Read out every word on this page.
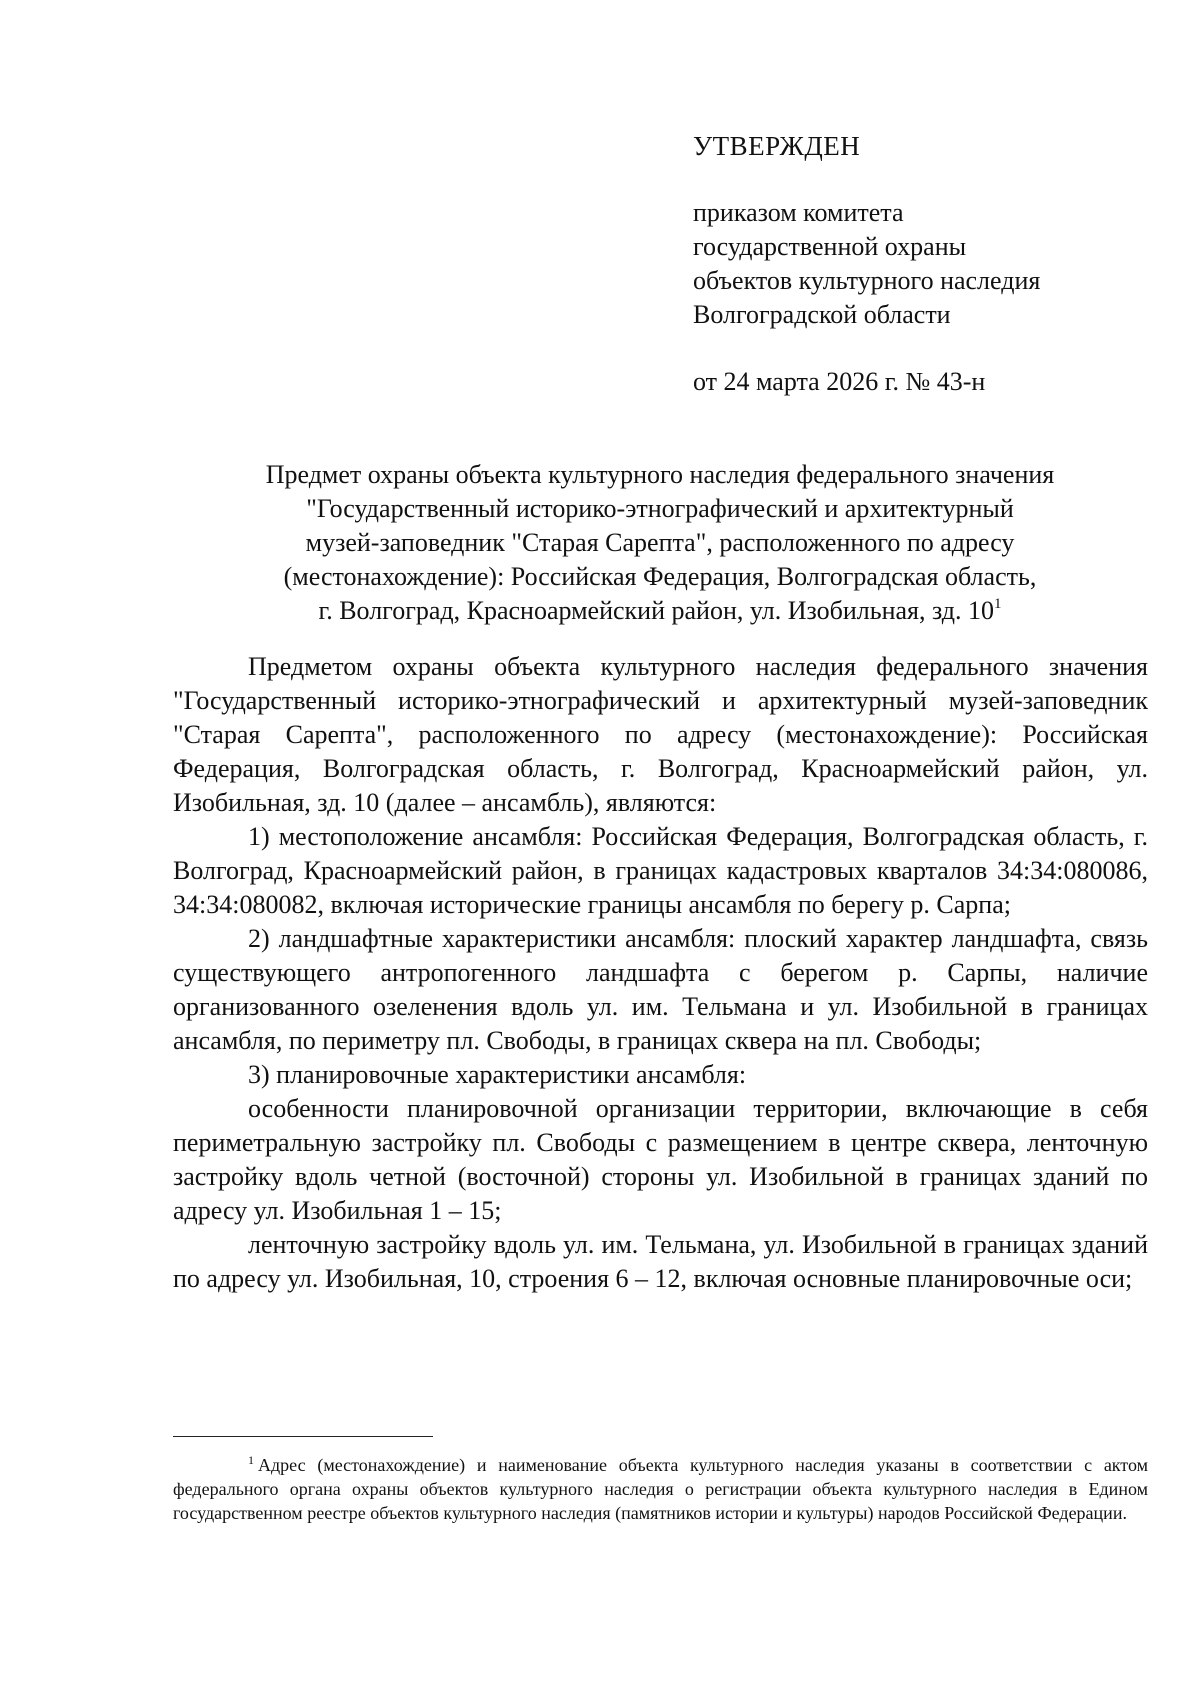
УТВЕРЖДЕН
приказом комитета
государственной охраны
объектов культурного наследия
Волгоградской области
от 24 марта 2026 г. № 43-н
Предмет охраны объекта культурного наследия федерального значения
"Государственный историко-этнографический и архитектурный
музей-заповедник "Старая Сарепта", расположенного по адресу
(местонахождение): Российская Федерация, Волгоградская область,
г. Волгоград, Красноармейский район, ул. Изобильная, зд. $10^1$
Предметом охраны объекта культурного наследия федерального значения "Государственный историко-этнографический и архитектурный музей-заповедник "Старая Сарепта", расположенного по адресу (местонахождение): Российская Федерация, Волгоградская область, г. Волгоград, Красноармейский район, ул. Изобильная, зд. 10 (далее – ансамбль), являются:
1) местоположение ансамбля: Российская Федерация, Волгоградская область, г. Волгоград, Красноармейский район, в границах кадастровых кварталов 34:34:080086, 34:34:080082, включая исторические границы ансамбля по берегу р. Сарпа;
2) ландшафтные характеристики ансамбля: плоский характер ландшафта, связь существующего антропогенного ландшафта с берегом р. Сарпы, наличие организованного озеленения вдоль ул. им. Тельмана и ул. Изобильной в границах ансамбля, по периметру пл. Свободы, в границах сквера на пл. Свободы;
3) планировочные характеристики ансамбля:
особенности планировочной организации территории, включающие в себя периметральную застройку пл. Свободы с размещением в центре сквера, ленточную застройку вдоль четной (восточной) стороны ул. Изобильной в границах зданий по адресу ул. Изобильная 1 – 15;
ленточную застройку вдоль ул. им. Тельмана, ул. Изобильной в границах зданий по адресу ул. Изобильная, 10, строения 6 – 12, включая основные планировочные оси;
$^1$ Адрес (местонахождение) и наименование объекта культурного наследия указаны в соответствии с актом федерального органа охраны объектов культурного наследия о регистрации объекта культурного наследия в Едином государственном реестре объектов культурного наследия (памятников истории и культуры) народов Российской Федерации.
